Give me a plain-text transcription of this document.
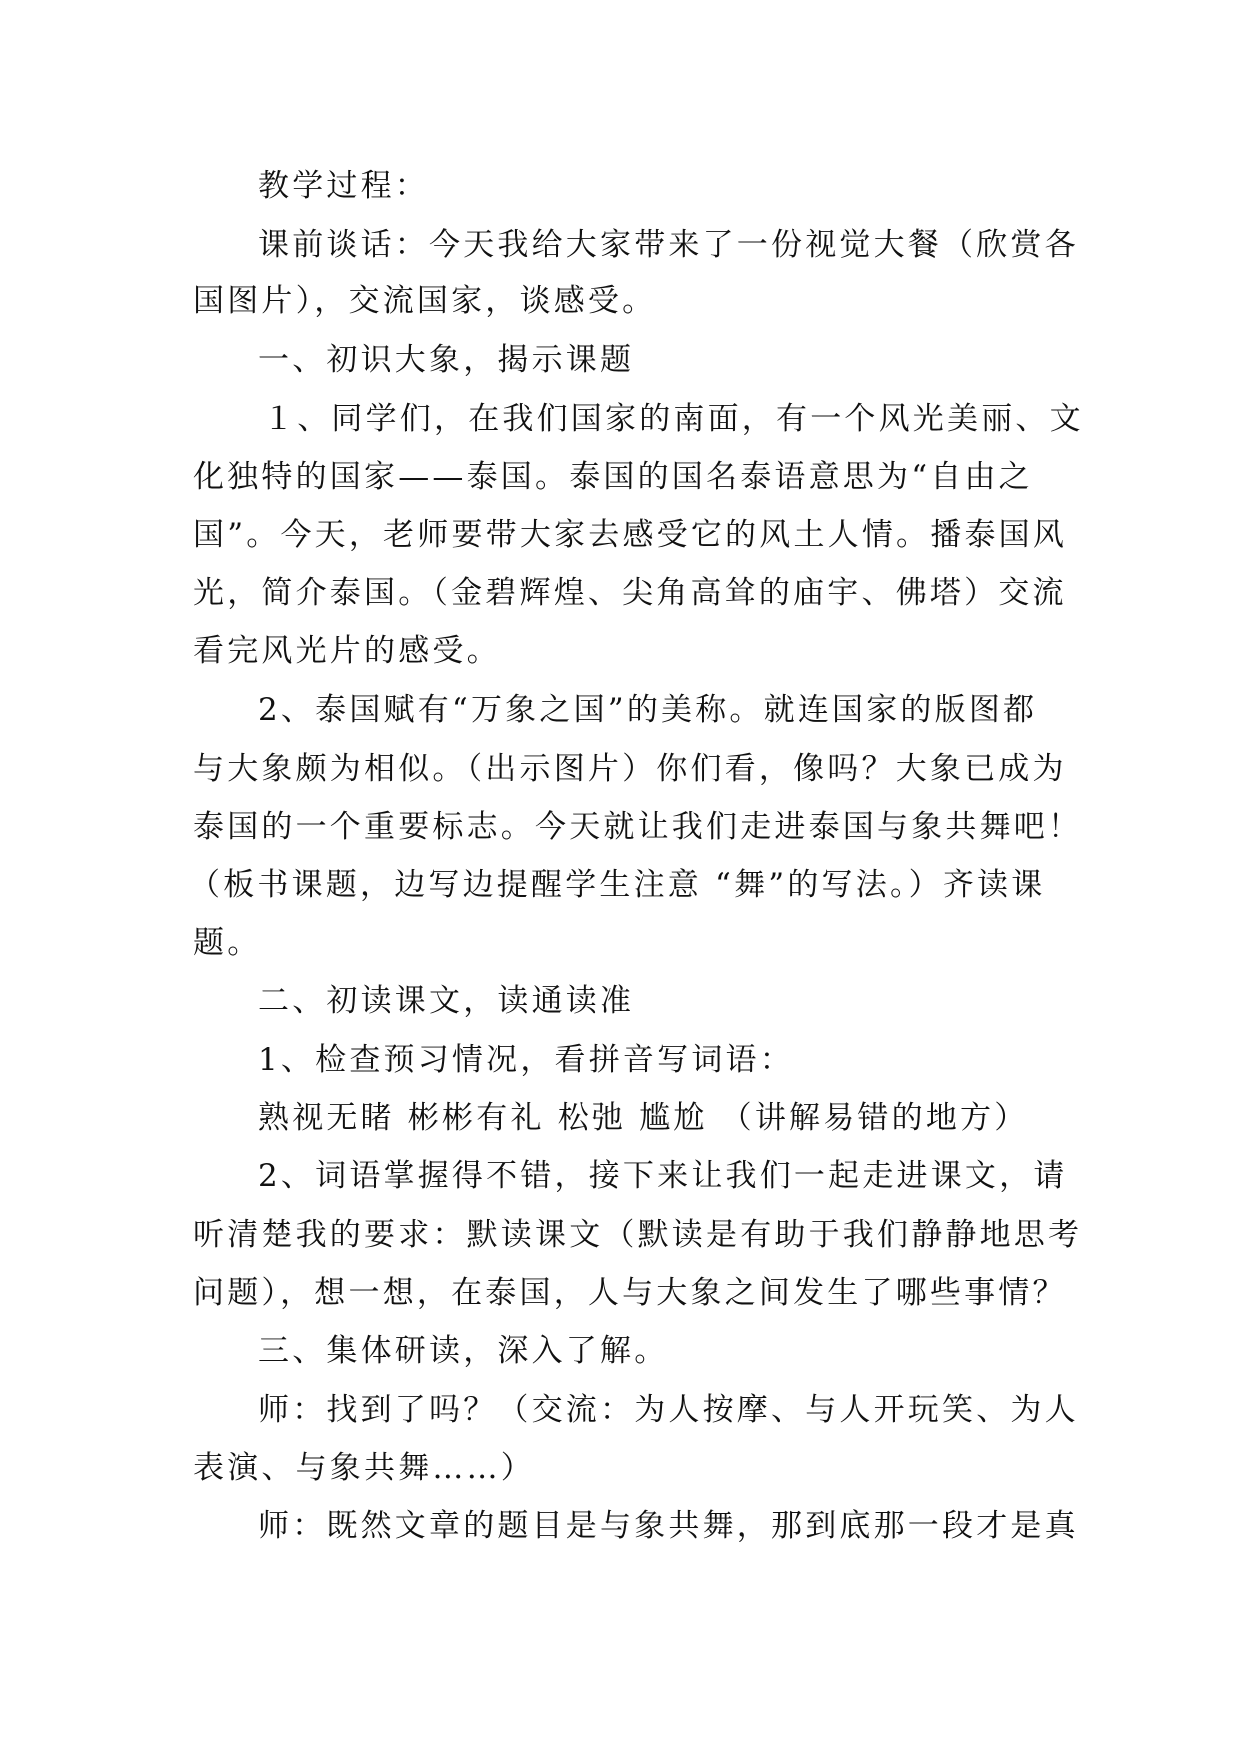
教学过程：
课前谈话：今天我给大家带来了一份视觉大餐（欣赏各
国图片），交流国家，谈感受。
一、初识大象，揭示课题
１、同学们，在我们国家的南面，有一个风光美丽、文
化独特的国家——泰国。泰国的国名泰语意思为“自由之
国”。今天，老师要带大家去感受它的风土人情。播泰国风
光，简介泰国。（金碧辉煌、尖角高耸的庙宇、佛塔）交流
看完风光片的感受。
2、泰国赋有“万象之国”的美称。就连国家的版图都
与大象颇为相似。（出示图片）你们看，像吗？大象已成为
泰国的一个重要标志。今天就让我们走进泰国与象共舞吧！
（板书课题，边写边提醒学生注意 “舞”的写法。）齐读课
题。
二、初读课文，读通读准
1、检查预习情况，看拼音写词语：
熟视无睹 彬彬有礼 松弛 尴尬 （讲解易错的地方）
2、词语掌握得不错，接下来让我们一起走进课文，请
听清楚我的要求：默读课文（默读是有助于我们静静地思考
问题），想一想，在泰国，人与大象之间发生了哪些事情？
三、集体研读，深入了解。
师：找到了吗？（交流：为人按摩、与人开玩笑、为人
表演、与象共舞……）
师：既然文章的题目是与象共舞，那到底那一段才是真
